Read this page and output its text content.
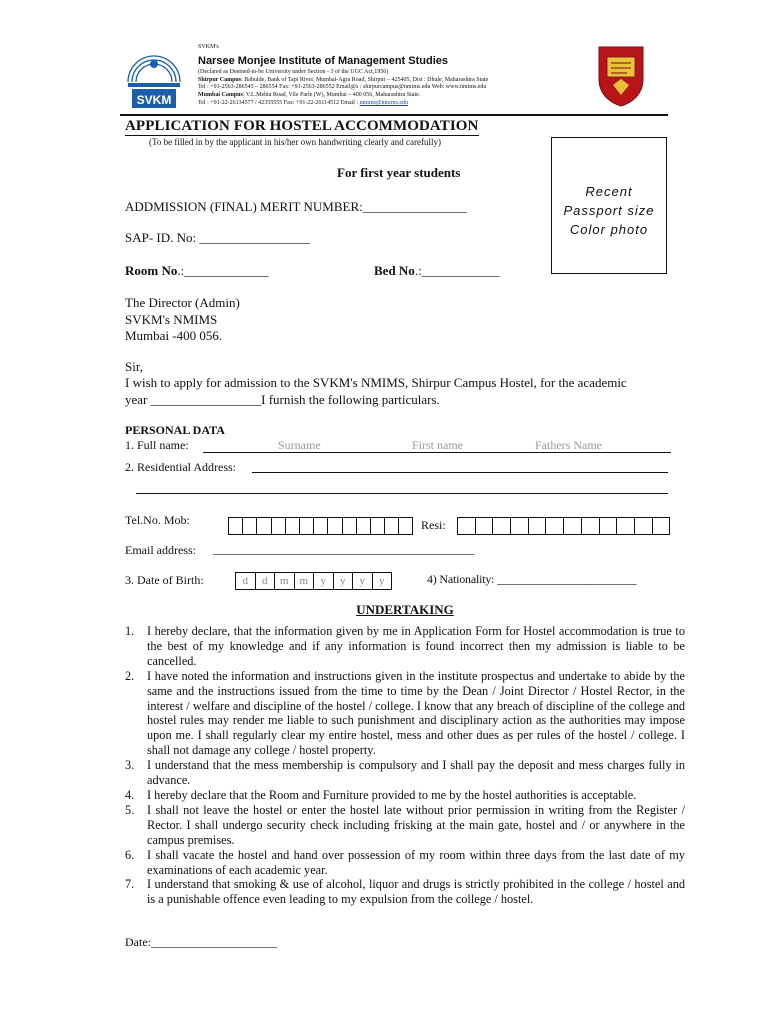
SVKM
SVKM's
Narsee Monjee Institute of Management Studies
(Declared as Deemed-to-be University under Section - 3 of the UGC Act,1956)
Shirpur Campus: Babulde, Bank of Tapi River, Mumbai-Agra Road, Shirpur – 425405, Dist : Dhule, Maharashtra State
Tel : +91-2563-286545 – 286554 Fax: +91-2563-286552 Email@s : shirpurcampus@nmims.edu Web: www.nmims.edu
Mumbai Campus: V.L.Mehta Road, Vile Parle (W), Mumbai – 400 056, Maharashtra State.
Tel : +91-22-26134577 / 42355555 Fax: +91-22-26114512 Email : nmims@nmims.edu
APPLICATION FOR HOSTEL ACCOMMODATION
(To be filled in by the applicant in his/her own handwriting clearly and carefully)
Recent
Passport size
Color photo
For first year students
ADDMISSION (FINAL) MERIT NUMBER:________________
SAP- ID. No: _________________
Room No.:_____________	Bed No.:____________
The Director (Admin)
SVKM's NMIMS
Mumbai -400 056.
Sir,
I wish to apply for admission to the SVKM's NMIMS, Shirpur Campus Hostel, for the academic
year _________________I furnish the following particulars.
PERSONAL DATA
1. Full name:	Surname	First name	Fathers Name
2. Residential Address:
Tel.No. Mob:	Resi:
Email address: _______________________________________________
3. Date of Birth:	d	d	m m	y	y	y	y	4) Nationality: ________________________
UNDERTAKING
1. I hereby declare, that the information given by me in Application Form for Hostel accommodation is true to the best of my knowledge and if any information is found incorrect then my admission is liable to be cancelled.
2. I have noted the information and instructions given in the institute prospectus and undertake to abide by the same and the instructions issued from the time to time by the Dean / Joint Director / Hostel Rector, in the interest / welfare and discipline of the hostel / college. I know that any breach of discipline of the college and hostel rules may render me liable to such punishment and disciplinary action as the authorities may impose upon me. I shall regularly clear my entire hostel, mess and other dues as per rules of the hostel / college. I shall not damage any college / hostel property.
3. I understand that the mess membership is compulsory and I shall pay the deposit and mess charges fully in advance.
4. I hereby declare that the Room and Furniture provided to me by the hostel authorities is acceptable.
5. I shall not leave the hostel or enter the hostel late without prior permission in writing from the Register / Rector. I shall undergo security check including frisking at the main gate, hostel and / or anywhere in the campus premises.
6. I shall vacate the hostel and hand over possession of my room within three days from the last date of my examinations of each academic year.
7. I understand that smoking & use of alcohol, liquor and drugs is strictly prohibited in the college / hostel and is a punishable offence even leading to my expulsion from the college / hostel.
Date:_____________________
